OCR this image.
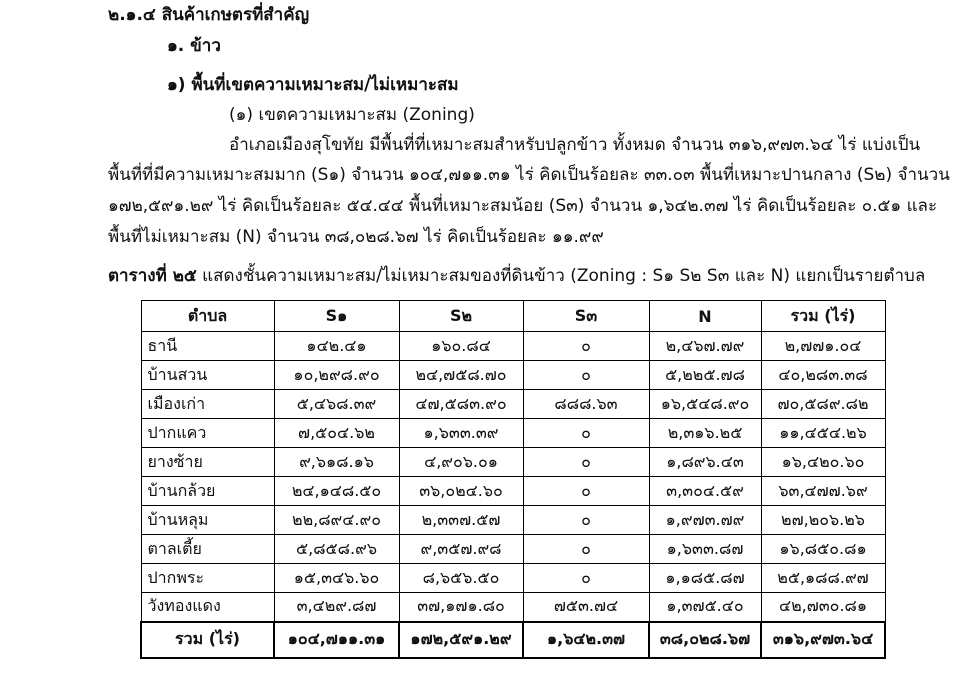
๒.๑.๔ สินค้าเกษตรที่สำคัญ
๑. ข้าว
๑) พื้นที่เขตความเหมาะสม/ไม่เหมาะสม
(๑) เขตความเหมาะสม (Zoning)
อำเภอเมืองสุโขทัย มีพื้นที่ที่เหมาะสมสำหรับปลูกข้าว ทั้งหมด จำนวน ๓๑๖,๙๗๓.๖๔ ไร่ แบ่งเป็น
พื้นที่ที่มีความเหมาะสมมาก (S๑) จำนวน ๑๐๔,๗๑๑.๓๑ ไร่ คิดเป็นร้อยละ ๓๓.๐๓ พื้นที่เหมาะปานกลาง (S๒) จำนวน
๑๗๒,๕๙๑.๒๙ ไร่ คิดเป็นร้อยละ ๕๔.๔๔ พื้นที่เหมาะสมน้อย (S๓) จำนวน ๑,๖๔๒.๓๗ ไร่ คิดเป็นร้อยละ ๐.๕๑ และ
พื้นที่ไม่เหมาะสม (N) จำนวน ๓๘,๐๒๘.๖๗ ไร่ คิดเป็นร้อยละ ๑๑.๙๙
ตารางที่ ๒๕ แสดงชั้นความเหมาะสม/ไม่เหมาะสมของที่ดินข้าว (Zoning : S๑ S๒ S๓ และ N) แยกเป็นรายตำบล
ตำบล	S๑	S๒	S๓	N	รวม (ไร่)
ธานี	๑๔๒.๔๑	๑๖๐.๘๔	๐	๒,๔๖๗.๗๙	๒,๗๗๑.๐๔
บ้านสวน	๑๐,๒๙๘.๙๐	๒๔,๗๕๘.๗๐	๐	๕,๒๒๕.๗๘	๔๐,๒๘๓.๓๘
เมืองเก่า	๕,๔๖๘.๓๙	๔๗,๕๘๓.๙๐	๘๘๘.๖๓	๑๖,๕๔๘.๙๐	๗๐,๕๘๙.๘๒
ปากแคว	๗,๕๐๔.๖๒	๑,๖๓๓.๓๙	๐	๒,๓๑๖.๒๕	๑๑,๔๕๔.๒๖
ยางซ้าย	๙,๖๑๘.๑๖	๔,๙๐๖.๐๑	๐	๑,๘๙๖.๔๓	๑๖,๔๒๐.๖๐
บ้านกล้วย	๒๔,๑๔๘.๕๐	๓๖,๐๒๔.๖๐	๐	๓,๓๐๔.๕๙	๖๓,๔๗๗.๖๙
บ้านหลุม	๒๒,๘๙๔.๙๐	๒,๓๓๗.๕๗	๐	๑,๙๗๓.๗๙	๒๗,๒๐๖.๒๖
ตาลเตี้ย	๕,๘๕๘.๙๖	๙,๓๕๗.๙๘	๐	๑,๖๓๓.๘๗	๑๖,๘๕๐.๘๑
ปากพระ	๑๕,๓๔๖.๖๐	๘,๖๕๖.๕๐	๐	๑,๑๘๕.๘๗	๒๕,๑๘๘.๙๗
วังทองแดง	๓,๔๒๙.๘๗	๓๗,๑๗๑.๘๐	๗๕๓.๗๔	๑,๓๗๕.๔๐	๔๒,๗๓๐.๘๑
รวม (ไร่)	๑๐๔,๗๑๑.๓๑	๑๗๒,๕๙๑.๒๙	๑,๖๔๒.๓๗	๓๘,๐๒๘.๖๗	๓๑๖,๙๗๓.๖๔
